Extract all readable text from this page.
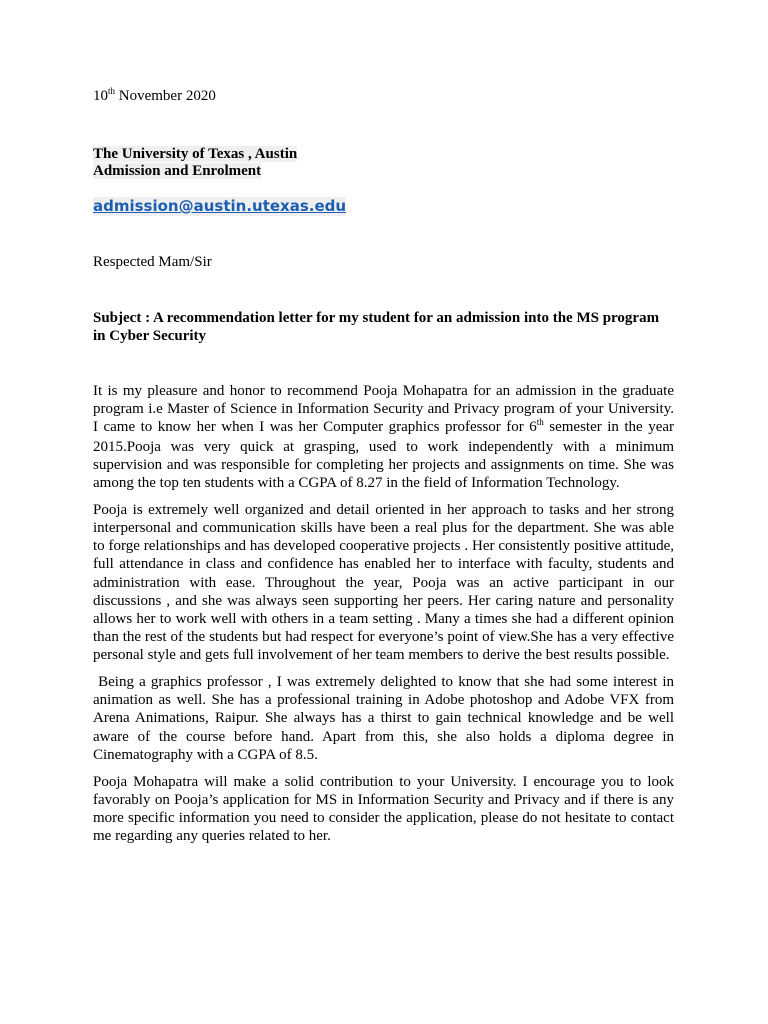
10th November 2020
The University of Texas , Austin
Admission and Enrolment
admission@austin.utexas.edu
Respected Mam/Sir
Subject : A recommendation letter for my student for an admission into the MS program in Cyber Security

It is my pleasure and honor to recommend Pooja Mohapatra for an admission in the graduate program i.e Master of Science in Information Security and Privacy program of your University. I came to know her when I was her Computer graphics professor for 6th semester in the year 2015.Pooja was very quick at grasping, used to work independently with a minimum supervision and was responsible for completing her projects and assignments on time. She was among the top ten students with a CGPA of 8.27 in the field of Information Technology.

Pooja is extremely well organized and detail oriented in her approach to tasks and her strong interpersonal and communication skills have been a real plus for the department. She was able to forge relationships and has developed cooperative projects . Her consistently positive attitude, full attendance in class and confidence has enabled her to interface with faculty, students and administration with ease. Throughout the year, Pooja was an active participant in our discussions , and she was always seen supporting her peers. Her caring nature and personality allows her to work well with others in a team setting . Many a times she had a different opinion than the rest of the students but had respect for everyone’s point of view.She has a very effective personal style and gets full involvement of her team members to derive the best results possible.

Being a graphics professor , I was extremely delighted to know that she had some interest in animation as well. She has a professional training in Adobe photoshop and Adobe VFX from Arena Animations, Raipur. She always has a thirst to gain technical knowledge and be well aware of the course before hand. Apart from this, she also holds a diploma degree in Cinematography with a CGPA of 8.5.

Pooja Mohapatra will make a solid contribution to your University. I encourage you to look favorably on Pooja’s application for MS in Information Security and Privacy and if there is any more specific information you need to consider the application, please do not hesitate to contact me regarding any queries related to her.
